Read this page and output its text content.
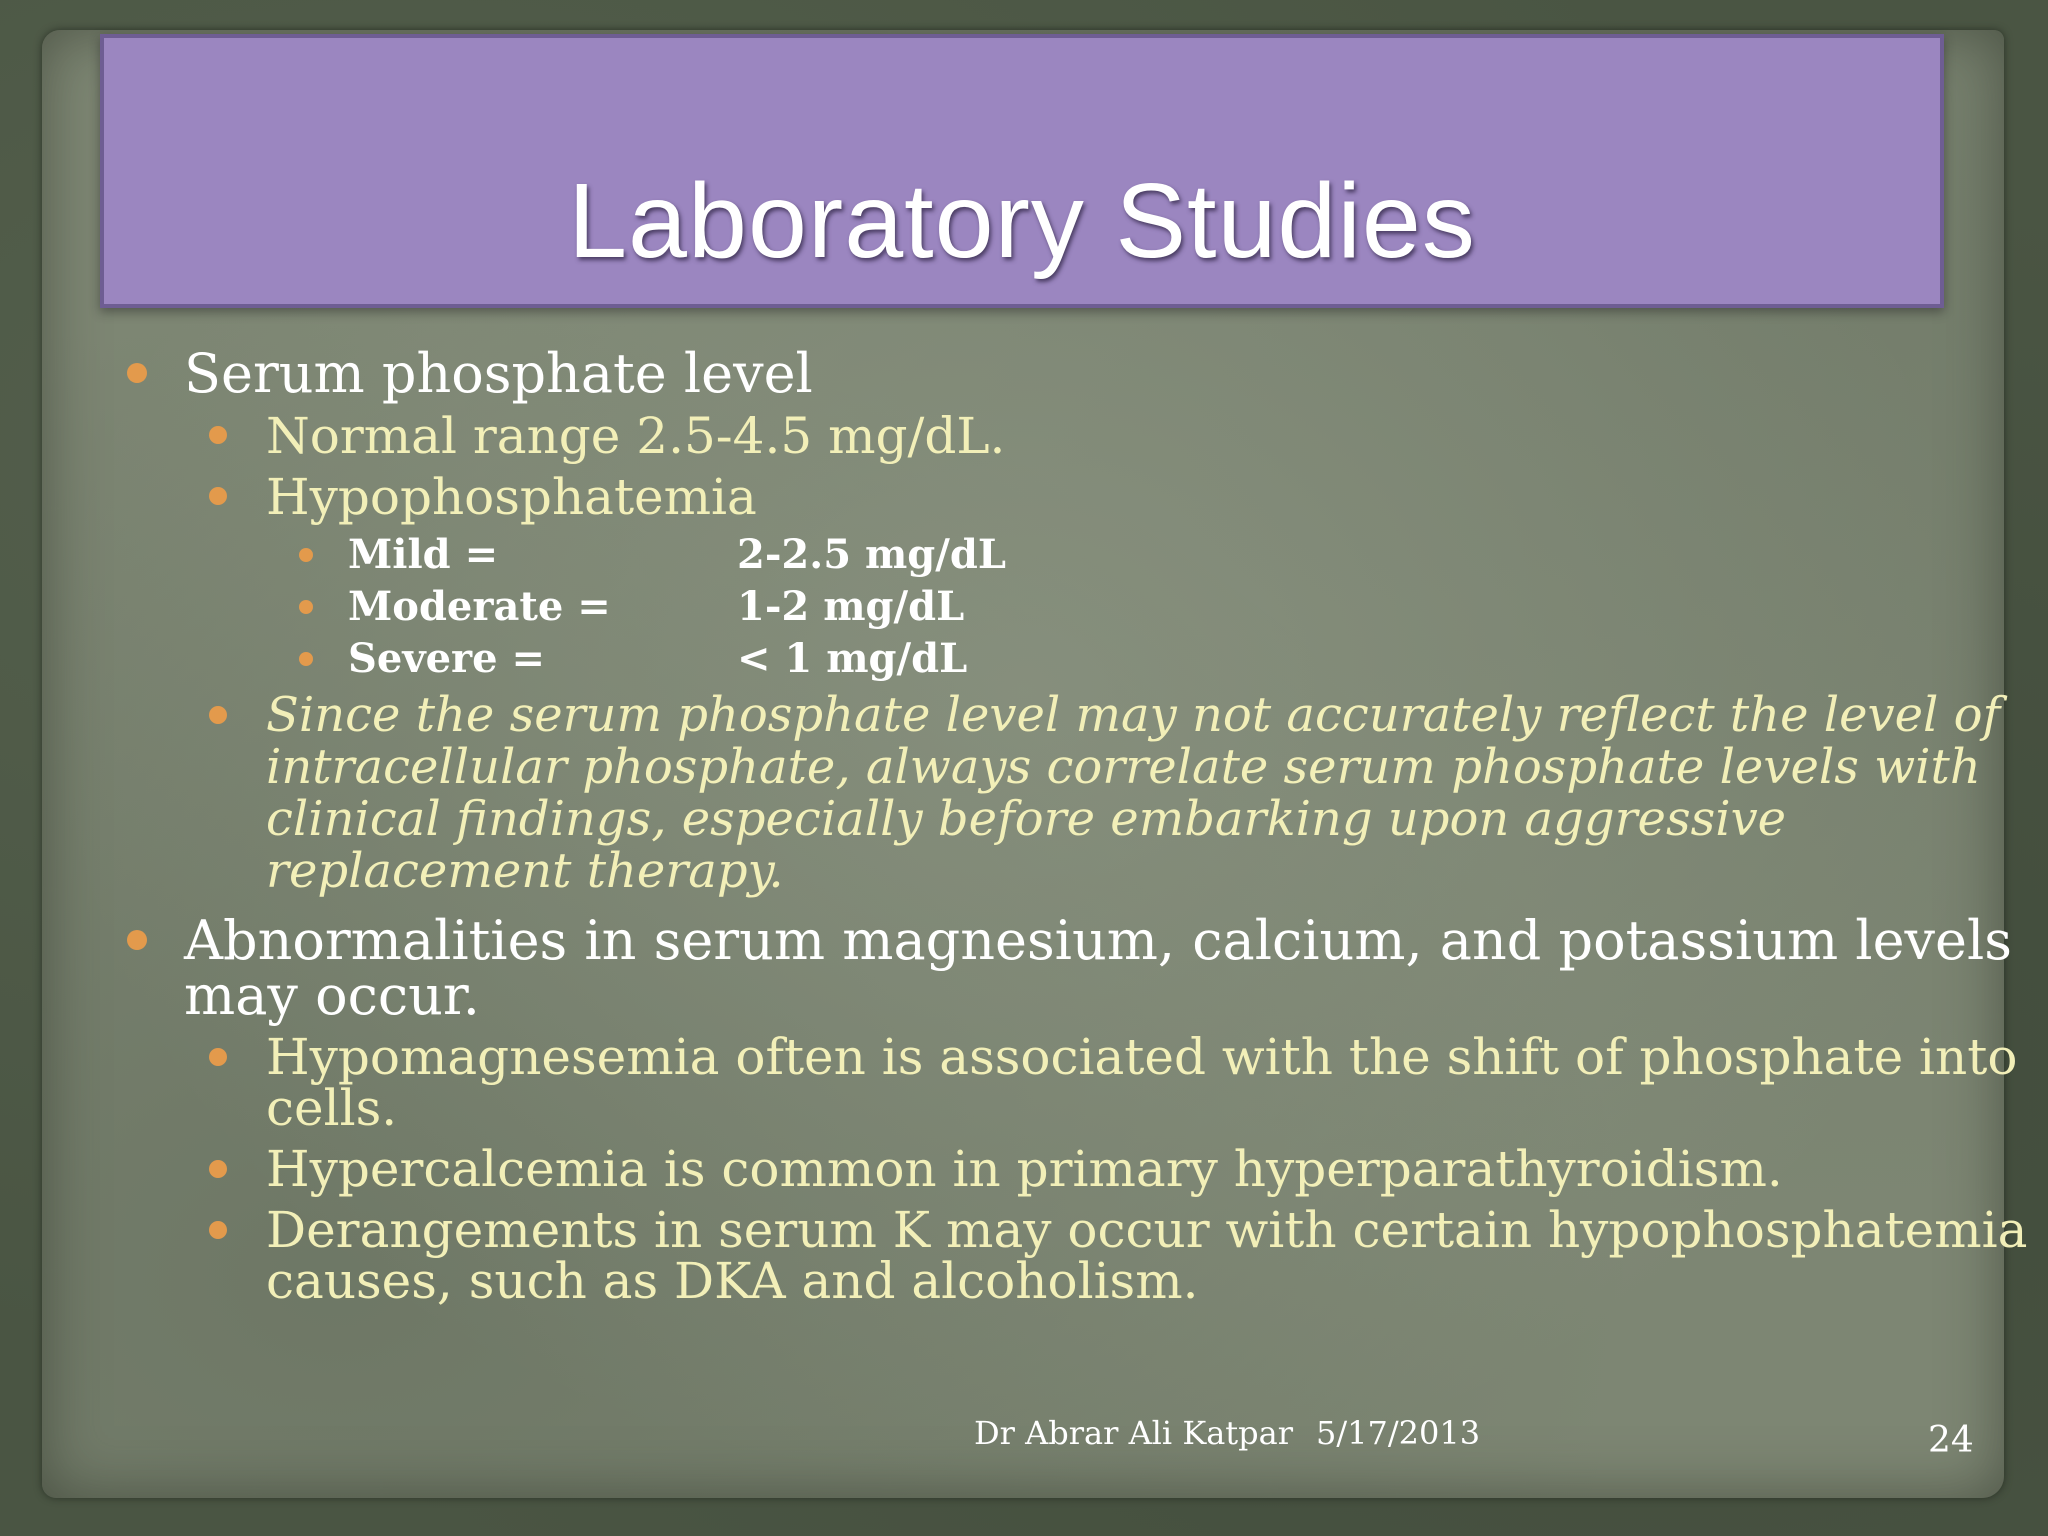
Laboratory Studies

Serum phosphate level

Normal range 2.5-4.5 mg/dL.

Hypophosphatemia

Mild =	2-2.5 mg/dL

Moderate =	1-2 mg/dL

Severe =	< 1 mg/dL

Since the serum phosphate level may not accurately reflect the level of

intracellular phosphate, always correlate serum phosphate levels with

clinical findings, especially before embarking upon aggressive

replacement therapy.

Abnormalities in serum magnesium, calcium, and potassium levels

may occur.

Hypomagnesemia often is associated with the shift of phosphate into

cells.

Hypercalcemia is common in primary hyperparathyroidism.

Derangements in serum K may occur with certain hypophosphatemia

causes, such as DKA and alcoholism.

Dr Abrar Ali Katpar 5/17/2013	24
